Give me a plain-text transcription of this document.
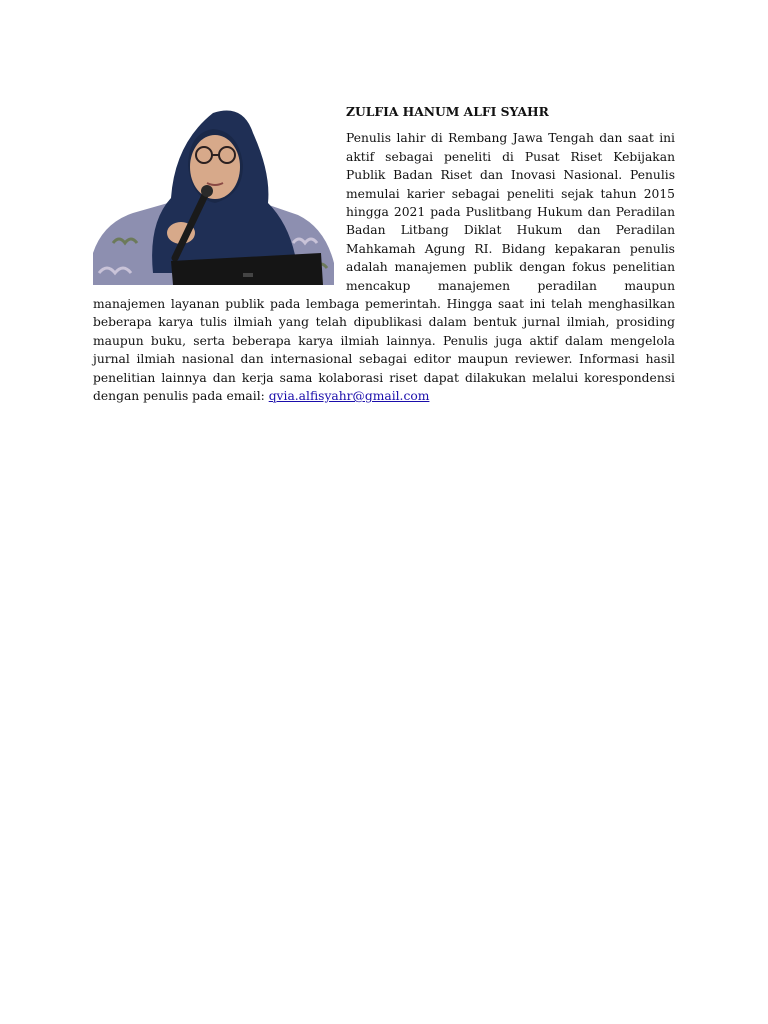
ZULFIA HANUM ALFI SYAHR

Penulis lahir di Rembang Jawa Tengah dan saat ini aktif sebagai peneliti di Pusat Riset Kebijakan Publik Badan Riset dan Inovasi Nasional. Penulis memulai karier sebagai peneliti sejak tahun 2015 hingga 2021 pada Puslitbang Hukum dan Peradilan Badan Litbang Diklat Hukum dan Peradilan Mahkamah Agung RI. Bidang kepakaran penulis adalah manajemen publik dengan fokus penelitian mencakup manajemen peradilan maupun manajemen layanan publik pada lembaga pemerintah. Hingga saat ini telah menghasilkan beberapa karya tulis ilmiah yang telah dipublikasi dalam bentuk jurnal ilmiah, prosiding maupun buku, serta beberapa karya ilmiah lainnya. Penulis juga aktif dalam mengelola jurnal ilmiah nasional dan internasional sebagai editor maupun reviewer. Informasi hasil penelitian lainnya dan kerja sama kolaborasi riset dapat dilakukan melalui korespondensi dengan penulis pada email: qvia.alfisyahr@gmail.com
